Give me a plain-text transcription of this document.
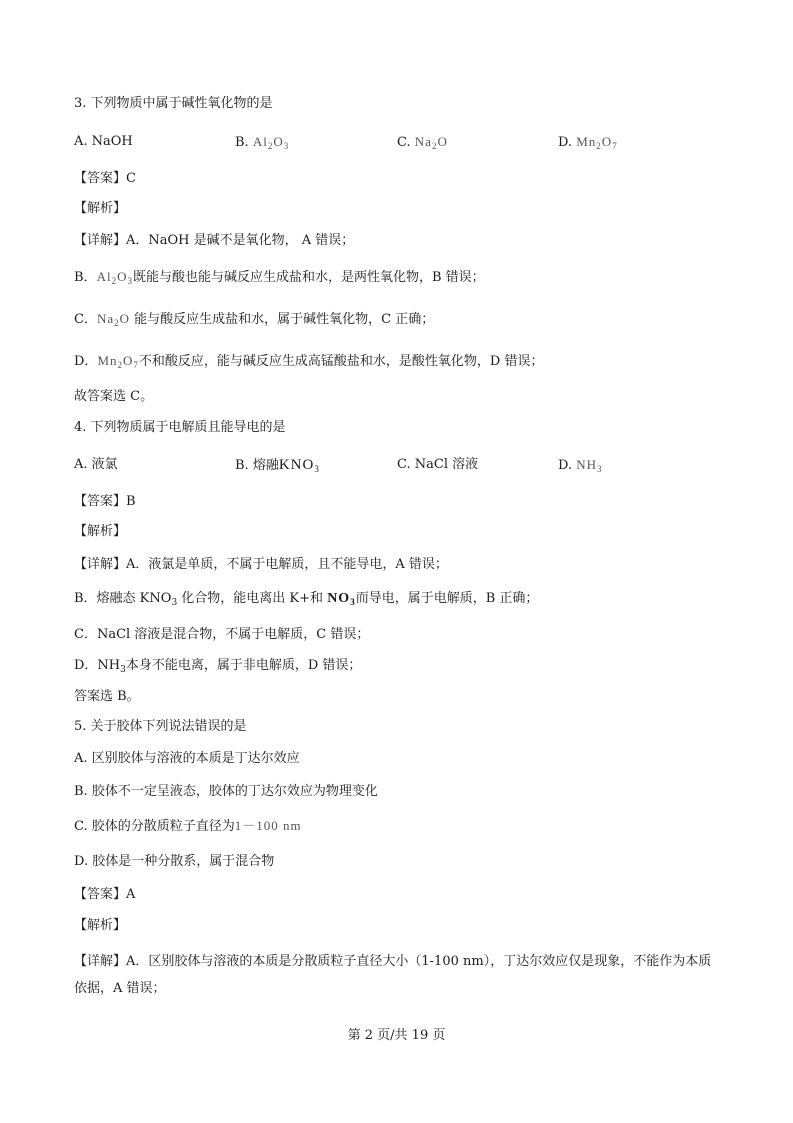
3. 下列物质中属于碱性氧化物的是
A. NaOH	B. $Al_2O_3$	C. $Na_2O$	D. $Mn_2O_7$
【答案】C
【解析】
【详解】A．NaOH 是碱不是氧化物， A 错误；
B．$Al_2O_3$既能与酸也能与碱反应生成盐和水，是两性氧化物，B 错误；
C．$Na_2O$ 能与酸反应生成盐和水，属于碱性氧化物，C 正确；
D．$Mn_2O_7$不和酸反应，能与碱反应生成高锰酸盐和水，是酸性氧化物，D 错误；
故答案选 C。
4. 下列物质属于电解质且能导电的是
A. 液氯	B. 熔融$KNO_3$	C. NaCl 溶液	D. $NH_3$
【答案】B
【解析】
【详解】A．液氯是单质，不属于电解质，且不能导电，A 错误；
B．熔融态 $KNO_3$ 化合物，能电离出 K+和 $NO_3$而导电，属于电解质，B 正确；
C．NaCl 溶液是混合物，不属于电解质，C 错误；
D．$NH_3$本身不能电离，属于非电解质，D 错误；
答案选 B。
5. 关于胶体下列说法错误的是
A. 区别胶体与溶液的本质是丁达尔效应
B. 胶体不一定呈液态，胶体的丁达尔效应为物理变化
C. 胶体的分散质粒子直径为1－100 nm
D. 胶体是一种分散系，属于混合物
【答案】A
【解析】
【详解】A．区别胶体与溶液的本质是分散质粒子直径大小（1-100 nm），丁达尔效应仅是现象，不能作为本质依据，A 错误；
第 2 页/共 19 页
